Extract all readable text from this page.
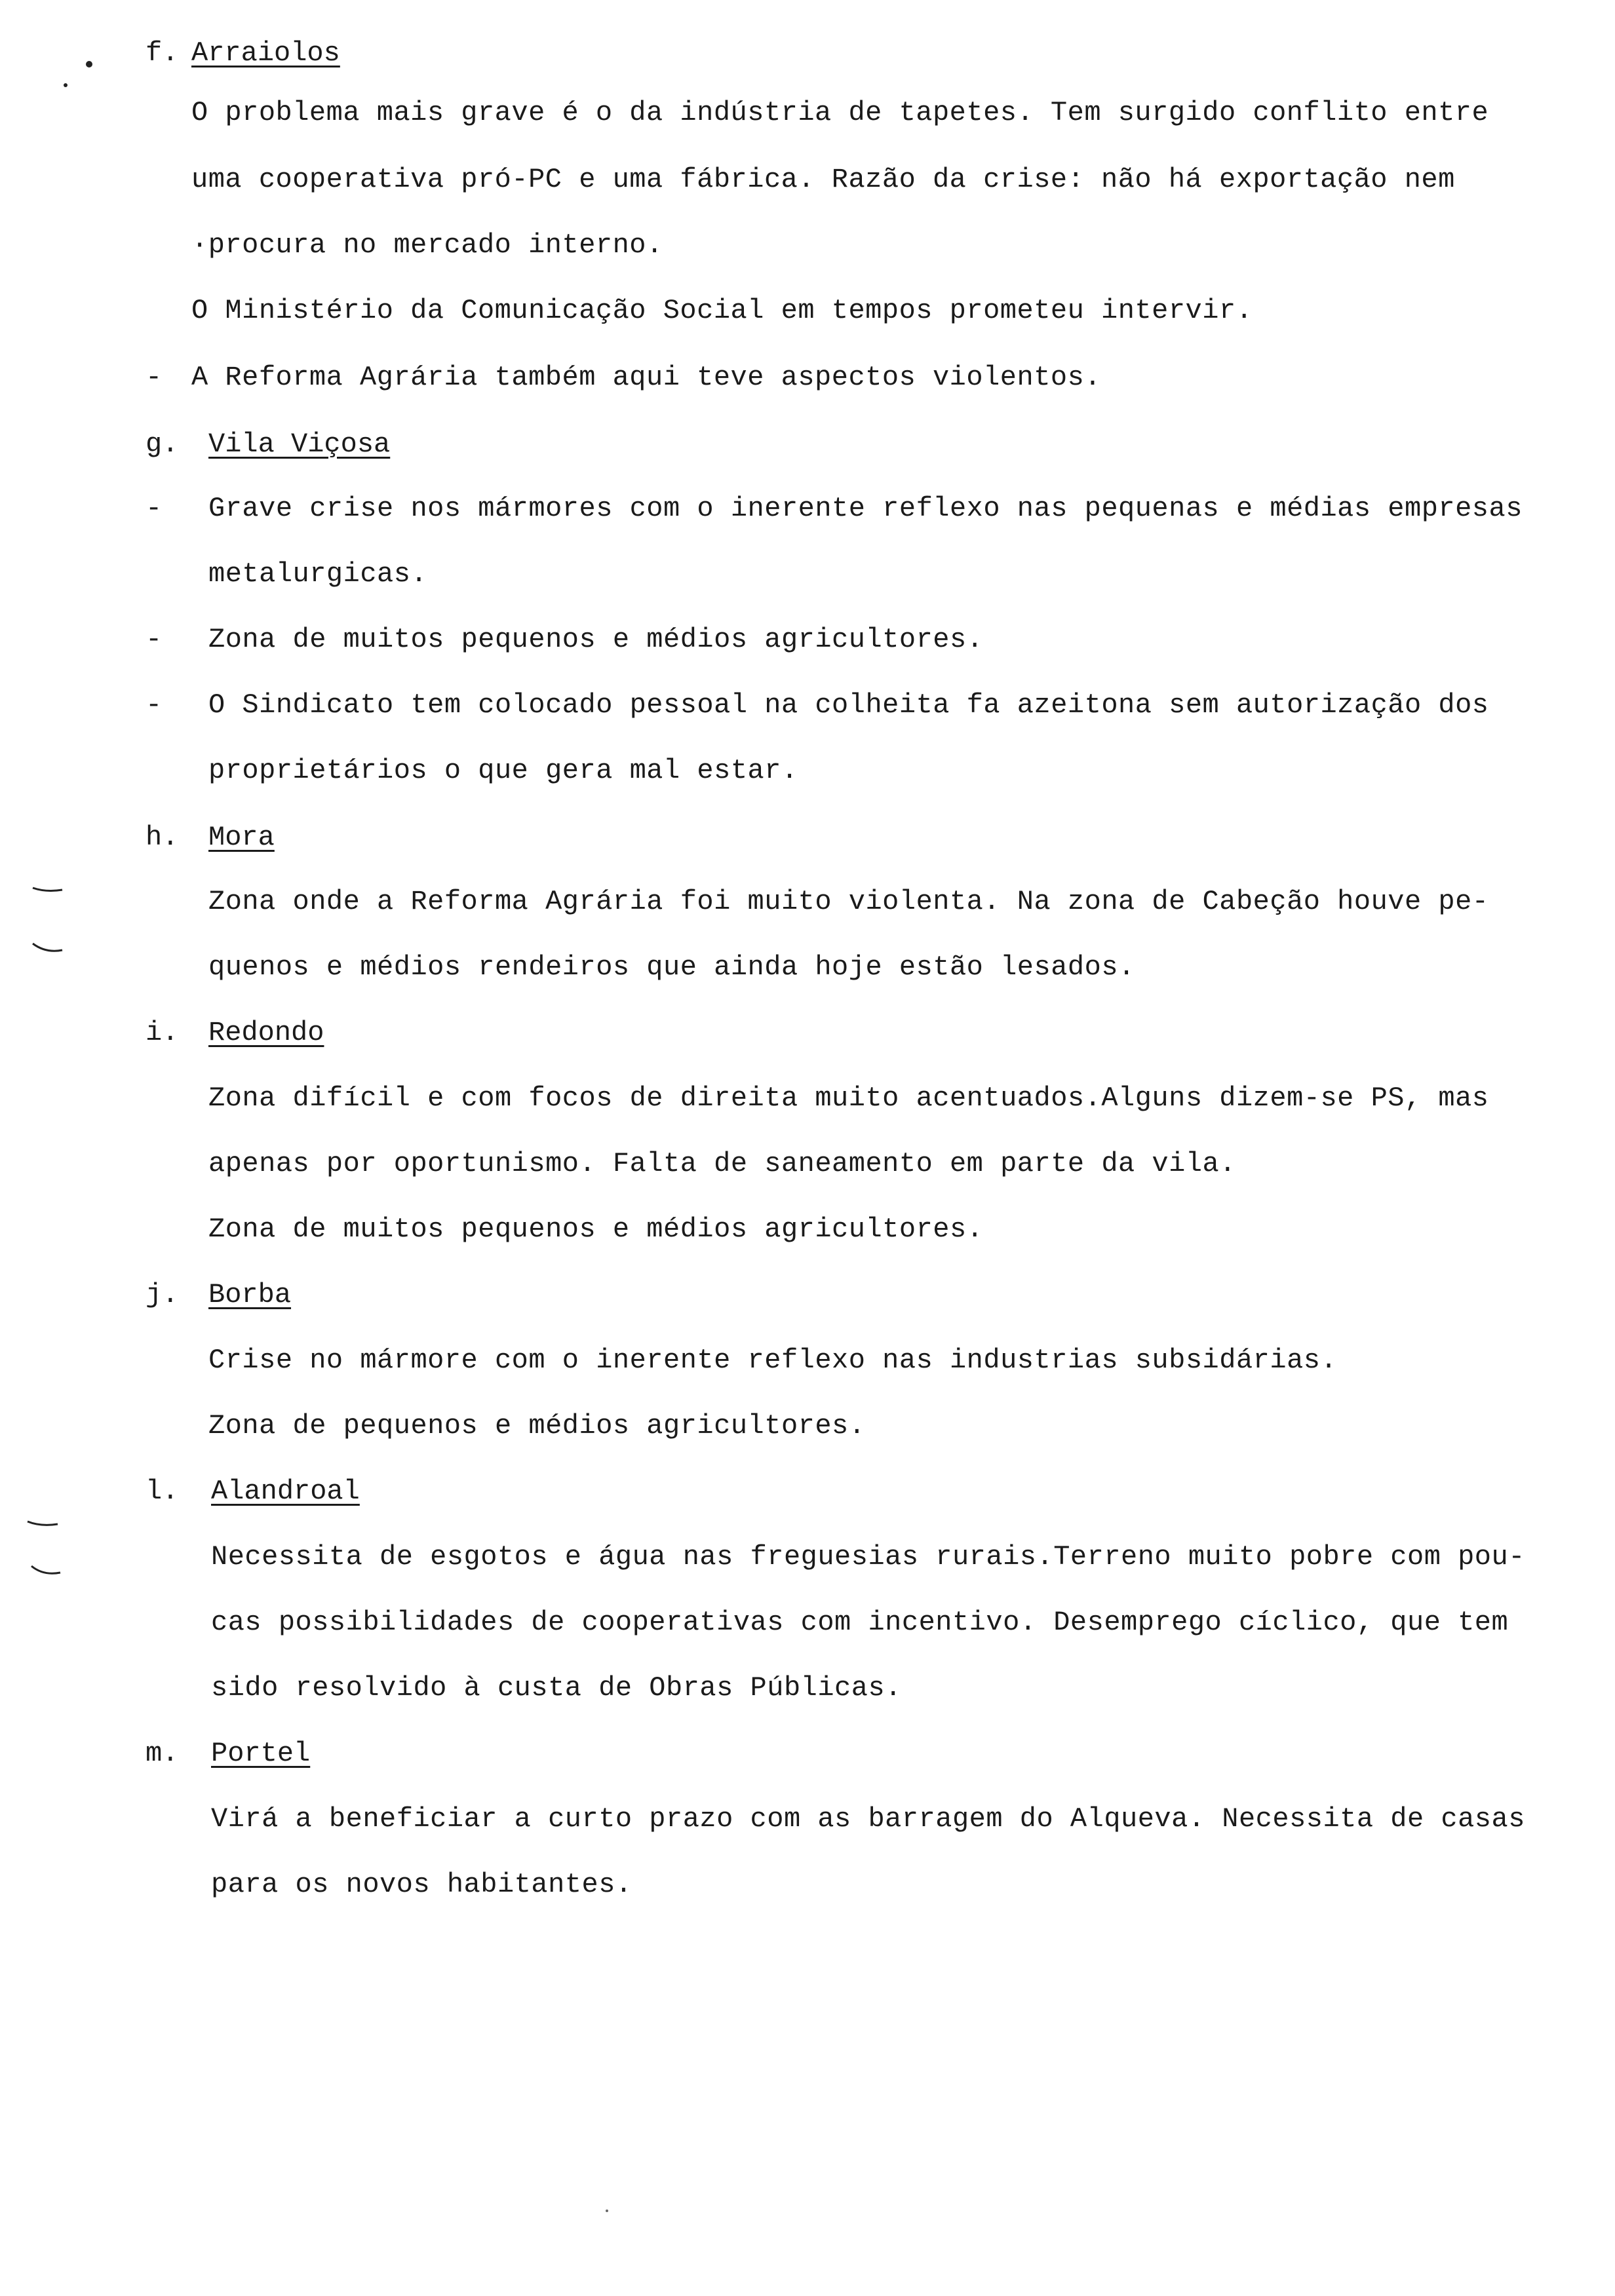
f. Arraiolos
O problema mais grave é o da indústria de tapetes. Tem surgido conflito entre
uma cooperativa pró-PC e uma fábrica. Razão da crise: não há exportação nem
·procura no mercado interno.
O Ministério da Comunicação Social em tempos prometeu intervir.
- A Reforma Agrária também aqui teve aspectos violentos.
g. Vila Viçosa
- Grave crise nos mármores com o inerente reflexo nas pequenas e médias empresas
metalurgicas.
- Zona de muitos pequenos e médios agricultores.
- O Sindicato tem colocado pessoal na colheita fa azeitona sem autorização dos
proprietários o que gera mal estar.
h. Mora
Zona onde a Reforma Agrária foi muito violenta. Na zona de Cabeção houve pe-
quenos e médios rendeiros que ainda hoje estão lesados.
i. Redondo
Zona difícil e com focos de direita muito acentuados.Alguns dizem-se PS, mas
apenas por oportunismo. Falta de saneamento em parte da vila.
Zona de muitos pequenos e médios agricultores.
j. Borba
Crise no mármore com o inerente reflexo nas industrias subsidárias.
Zona de pequenos e médios agricultores.
l. Alandroal
Necessita de esgotos e água nas freguesias rurais.Terreno muito pobre com pou-
cas possibilidades de cooperativas com incentivo. Desemprego cíclico, que tem
sido resolvido à custa de Obras Públicas.
m. Portel
Virá a beneficiar a curto prazo com as barragem do Alqueva. Necessita de casas
para os novos habitantes.
